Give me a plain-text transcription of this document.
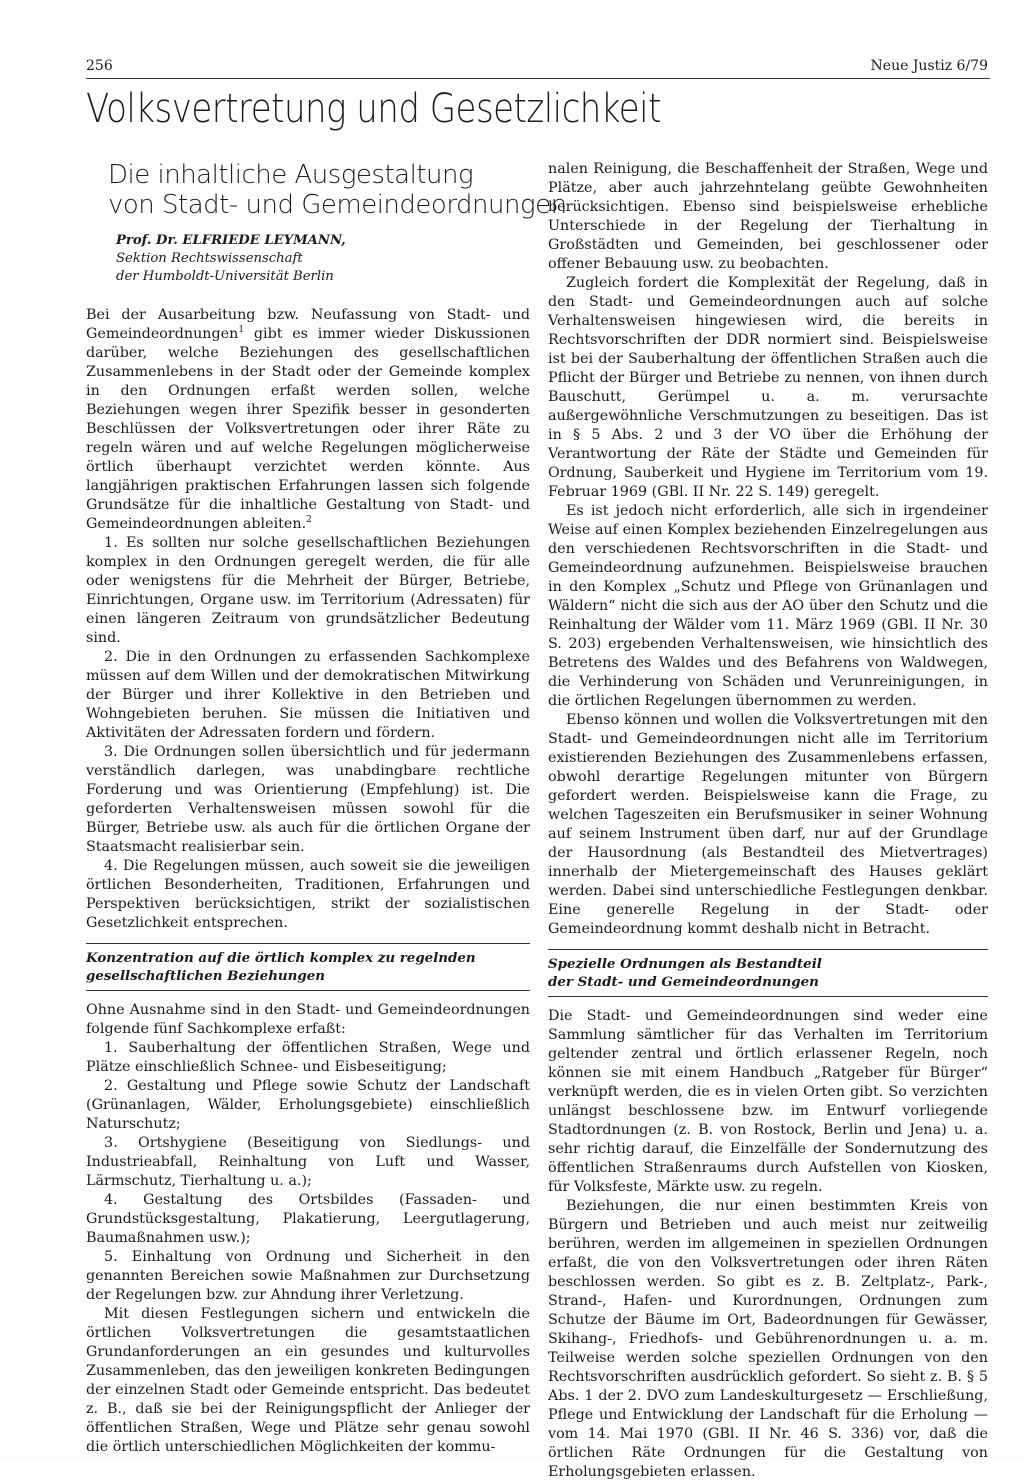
256	Neue Justiz 6/79
Volksvertretung und Gesetzlichkeit
Die inhaltliche Ausgestaltung
von Stadt- und Gemeindeordnungen
Prof. Dr. ELFRIEDE LEYMANN,
Sektion Rechtswissenschaft
der Humboldt-Universität Berlin

Bei der Ausarbeitung bzw. Neufassung von Stadt- und Gemeindeordnungen$^1$ gibt es immer wieder Diskussionen darüber, welche Beziehungen des gesellschaftlichen Zusammenlebens in der Stadt oder der Gemeinde komplex in den Ordnungen erfaßt werden sollen, welche Beziehungen wegen ihrer Spezifik besser in gesonderten Beschlüssen der Volksvertretungen oder ihrer Räte zu regeln wären und auf welche Regelungen möglicherweise örtlich überhaupt verzichtet werden könnte. Aus langjährigen praktischen Erfahrungen lassen sich folgende Grundsätze für die inhaltliche Gestaltung von Stadt- und Gemeindeordnungen ableiten.$^2$

1. Es sollten nur solche gesellschaftlichen Beziehungen komplex in den Ordnungen geregelt werden, die für alle oder wenigstens für die Mehrheit der Bürger, Betriebe, Einrichtungen, Organe usw. im Territorium (Adressaten) für einen längeren Zeitraum von grundsätzlicher Bedeutung sind.

2. Die in den Ordnungen zu erfassenden Sachkomplexe müssen auf dem Willen und der demokratischen Mitwirkung der Bürger und ihrer Kollektive in den Betrieben und Wohngebieten beruhen. Sie müssen die Initiativen und Aktivitäten der Adressaten fordern und fördern.

3. Die Ordnungen sollen übersichtlich und für jedermann verständlich darlegen, was unabdingbare rechtliche Forderung und was Orientierung (Empfehlung) ist. Die geforderten Verhaltensweisen müssen sowohl für die Bürger, Betriebe usw. als auch für die örtlichen Organe der Staatsmacht realisierbar sein.

4. Die Regelungen müssen, auch soweit sie die jeweiligen örtlichen Besonderheiten, Traditionen, Erfahrungen und Perspektiven berücksichtigen, strikt der sozialistischen Gesetzlichkeit entsprechen.

Konzentration auf die örtlich komplex zu regelnden
gesellschaftlichen Beziehungen

Ohne Ausnahme sind in den Stadt- und Gemeindeordnungen folgende fünf Sachkomplexe erfaßt:

1. Sauberhaltung der öffentlichen Straßen, Wege und Plätze einschließlich Schnee- und Eisbeseitigung;

2. Gestaltung und Pflege sowie Schutz der Landschaft (Grünanlagen, Wälder, Erholungsgebiete) einschließlich Naturschutz;

3. Ortshygiene (Beseitigung von Siedlungs- und Industrieabfall, Reinhaltung von Luft und Wasser, Lärmschutz, Tierhaltung u. a.);

4. Gestaltung des Ortsbildes (Fassaden- und Grundstücksgestaltung, Plakatierung, Leergutlagerung, Baumaßnahmen usw.);

5. Einhaltung von Ordnung und Sicherheit in den genannten Bereichen sowie Maßnahmen zur Durchsetzung der Regelungen bzw. zur Ahndung ihrer Verletzung.

Mit diesen Festlegungen sichern und entwickeln die örtlichen Volksvertretungen die gesamtstaatlichen Grundanforderungen an ein gesundes und kulturvolles Zusammenleben, das den jeweiligen konkreten Bedingungen der einzelnen Stadt oder Gemeinde entspricht. Das bedeutet z. B., daß sie bei der Reinigungspflicht der Anlieger der öffentlichen Straßen, Wege und Plätze sehr genau sowohl die örtlich unterschiedlichen Möglichkeiten der kommu-

nalen Reinigung, die Beschaffenheit der Straßen, Wege und Plätze, aber auch jahrzehntelang geübte Gewohnheiten berücksichtigen. Ebenso sind beispielsweise erhebliche Unterschiede in der Regelung der Tierhaltung in Großstädten und Gemeinden, bei geschlossener oder offener Bebauung usw. zu beobachten.

Zugleich fordert die Komplexität der Regelung, daß in den Stadt- und Gemeindeordnungen auch auf solche Verhaltensweisen hingewiesen wird, die bereits in Rechtsvorschriften der DDR normiert sind. Beispielsweise ist bei der Sauberhaltung der öffentlichen Straßen auch die Pflicht der Bürger und Betriebe zu nennen, von ihnen durch Bauschutt, Gerümpel u. a. m. verursachte außergewöhnliche Verschmutzungen zu beseitigen. Das ist in § 5 Abs. 2 und 3 der VO über die Erhöhung der Verantwortung der Räte der Städte und Gemeinden für Ordnung, Sauberkeit und Hygiene im Territorium vom 19. Februar 1969 (GBl. II Nr. 22 S. 149) geregelt.

Es ist jedoch nicht erforderlich, alle sich in irgendeiner Weise auf einen Komplex beziehenden Einzelregelungen aus den verschiedenen Rechtsvorschriften in die Stadt- und Gemeindeordnung aufzunehmen. Beispielsweise brauchen in den Komplex „Schutz und Pflege von Grünanlagen und Wäldern“ nicht die sich aus der AO über den Schutz und die Reinhaltung der Wälder vom 11. März 1969 (GBl. II Nr. 30 S. 203) ergebenden Verhaltensweisen, wie hinsichtlich des Betretens des Waldes und des Befahrens von Waldwegen, die Verhinderung von Schäden und Verunreinigungen, in die örtlichen Regelungen übernommen zu werden.

Ebenso können und wollen die Volksvertretungen mit den Stadt- und Gemeindeordnungen nicht alle im Territorium existierenden Beziehungen des Zusammenlebens erfassen, obwohl derartige Regelungen mitunter von Bürgern gefordert werden. Beispielsweise kann die Frage, zu welchen Tageszeiten ein Berufsmusiker in seiner Wohnung auf seinem Instrument üben darf, nur auf der Grundlage der Hausordnung (als Bestandteil des Mietvertrages) innerhalb der Mietergemeinschaft des Hauses geklärt werden. Dabei sind unterschiedliche Festlegungen denkbar. Eine generelle Regelung in der Stadt- oder Gemeindeordnung kommt deshalb nicht in Betracht.

Spezielle Ordnungen als Bestandteil
der Stadt- und Gemeindeordnungen

Die Stadt- und Gemeindeordnungen sind weder eine Sammlung sämtlicher für das Verhalten im Territorium geltender zentral und örtlich erlassener Regeln, noch können sie mit einem Handbuch „Ratgeber für Bürger“ verknüpft werden, die es in vielen Orten gibt. So verzichten unlängst beschlossene bzw. im Entwurf vorliegende Stadtordnungen (z. B. von Rostock, Berlin und Jena) u. a. sehr richtig darauf, die Einzelfälle der Sondernutzung des öffentlichen Straßenraums durch Aufstellen von Kiosken, für Volksfeste, Märkte usw. zu regeln.

Beziehungen, die nur einen bestimmten Kreis von Bürgern und Betrieben und auch meist nur zeitweilig berühren, werden im allgemeinen in speziellen Ordnungen erfaßt, die von den Volksvertretungen oder ihren Räten beschlossen werden. So gibt es z. B. Zeltplatz-, Park-, Strand-, Hafen- und Kurordnungen, Ordnungen zum Schutze der Bäume im Ort, Badeordnungen für Gewässer, Skihang-, Friedhofs- und Gebührenordnungen u. a. m. Teilweise werden solche speziellen Ordnungen von den Rechtsvorschriften ausdrücklich gefordert. So sieht z. B. § 5 Abs. 1 der 2. DVO zum Landeskulturgesetz — Erschließung, Pflege und Entwicklung der Landschaft für die Erholung — vom 14. Mai 1970 (GBl. II Nr. 46 S. 336) vor, daß die örtlichen Räte Ordnungen für die Gestaltung von Erholungsgebieten erlassen.
